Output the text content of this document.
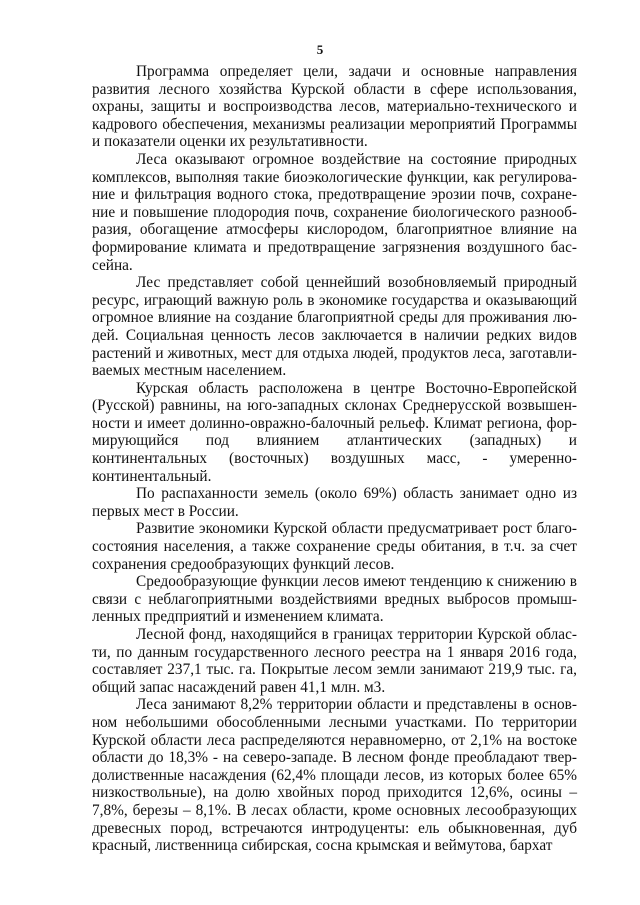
5

Программа определяет цели, задачи и основные направления развития лесного хозяйства Курской области в сфере использования, охраны, защиты и воспроизводства лесов, материально-технического и кадрового обеспечения, механизмы реализации мероприятий Программы и показатели оценки их результативности.

Леса оказывают огромное воздействие на состояние природных комплексов, выполняя такие биоэкологические функции, как регулирование и фильтрация водного стока, предотвращение эрозии почв, сохранение и повышение плодородия почв, сохранение биологического разнообразия, обогащение атмосферы кислородом, благоприятное влияние на формирование климата и предотвращение загрязнения воздушного бассейна.

Лес представляет собой ценнейший возобновляемый природный ресурс, играющий важную роль в экономике государства и оказывающий огромное влияние на создание благоприятной среды для проживания людей. Социальная ценность лесов заключается в наличии редких видов растений и животных, мест для отдыха людей, продуктов леса, заготавливаемых местным населением.

Курская область расположена в центре Восточно-Европейской (Русской) равнины, на юго-западных склонах Среднерусской возвышенности и имеет долинно-овражно-балочный рельеф. Климат региона, формирующийся под влиянием атлантических (западных) и континентальных (восточных) воздушных масс, - умеренно-континентальный.

По распаханности земель (около 69%) область занимает одно из первых мест в России.

Развитие экономики Курской области предусматривает рост благосостояния населения, а также сохранение среды обитания, в т.ч. за счет сохранения средообразующих функций лесов.

Средообразующие функции лесов имеют тенденцию к снижению в связи с неблагоприятными воздействиями вредных выбросов промышленных предприятий и изменением климата.

Лесной фонд, находящийся в границах территории Курской области, по данным государственного лесного реестра на 1 января 2016 года, составляет 237,1 тыс. га. Покрытые лесом земли занимают 219,9 тыс. га, общий запас насаждений равен 41,1 млн. м3.

Леса занимают 8,2% территории области и представлены в основном небольшими обособленными лесными участками. По территории Курской области леса распределяются неравномерно, от 2,1% на востоке области до 18,3% - на северо-западе. В лесном фонде преобладают твердолиственные насаждения (62,4% площади лесов, из которых более 65% низкоствольные), на долю хвойных пород приходится 12,6%, осины – 7,8%, березы – 8,1%. В лесах области, кроме основных лесообразующих древесных пород, встречаются интродуценты: ель обыкновенная, дуб красный, лиственница сибирская, сосна крымская и веймутова, бархат
